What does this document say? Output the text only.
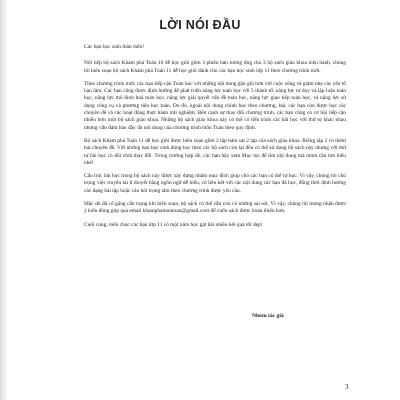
LỜI NÓI ĐẦU

Các bạn học sinh thân mến!

Nối tiếp bộ sách Khám phá Toán 10 dễ học giỏi gồm 3 phiên bản tương ứng cho 3 bộ sách giáo khoa hiện hành, chúng tôi biên soạn bộ sách Khám phá Toán 11 dễ học giỏi dành cho các bạn học sinh lớp 11 theo chương trình mới.

Theo chương trình mới, các bạn tiếp cận Toán học với những nội dung gần gũi hơn với cuộc sống và giảm nhẹ các yếu tố hàn lâm. Các bạn cũng được định hướng để phát triển năng lực toán học với 5 thành tố: năng lực tư duy và lập luận toán học, năng lực mô hình hoá toán học, năng lực giải quyết vấn đề toán học, năng lực giao tiếp toán học, và năng lực sử dụng công cụ và phương tiện học toán. Do đó, ngoài nội dung chính học theo chương, bài, các bạn còn được học các chuyên đề và các hoạt động thực hành trải nghiệm. Bên cạnh sự thay đổi chương trình, các bạn cũng có cơ hội tiếp cận nhiều hơn một bộ sách giáo khoa. Những bộ sách giáo khoa này có thể có tiến trình các bài học với thứ tự khác nhau nhưng vẫn đảm bảo đầy đủ nội dung của chương trình môn Toán theo quy định.

Bộ sách Khám phá Toán 11 dễ học giỏi được biên soạn gồm 2 tập bám sát 2 tập của sách giáo khoa. Riêng tập 2 có thêm hai chuyên đề. Với những bạn học sinh dùng học theo các bộ sách còn lại đều có thể sử dụng bộ sách này nhưng với thứ tự bài học có đôi chút thay đổi. Trong trường hợp đó, các bạn hãy xem Mục lục để tìm nội dung mà mình cần tìm hiểu nhé!

Cấu trúc bài học trong bộ sách này được xây dựng nhằm mục đích giúp cho các bạn có thể tự học. Vì vậy, chúng tôi chú trọng việc truyền tải lí thuyết bằng ngôn ngữ dễ hiểu, có liên kết với các nội dung các bạn đã học, đồng thời định hướng các dạng bài tập hoặc câu hỏi trọng tâm theo chương trình được yêu cầu.

Mặc dù đã cố gắng cẩn trọng khi biên soạn, bộ sách có thể vẫn còn có những sai sót. Vì vậy, chúng tôi mong nhận được ý kiến đóng góp qua email khamphamontoan@gmail.com để cuốn sách được hoàn thiện hơn.

Cuối cùng, mến chúc các bạn lớp 11 có một năm học gặt hái nhiều kết quả tốt đẹp!

Nhóm tác giả
3
